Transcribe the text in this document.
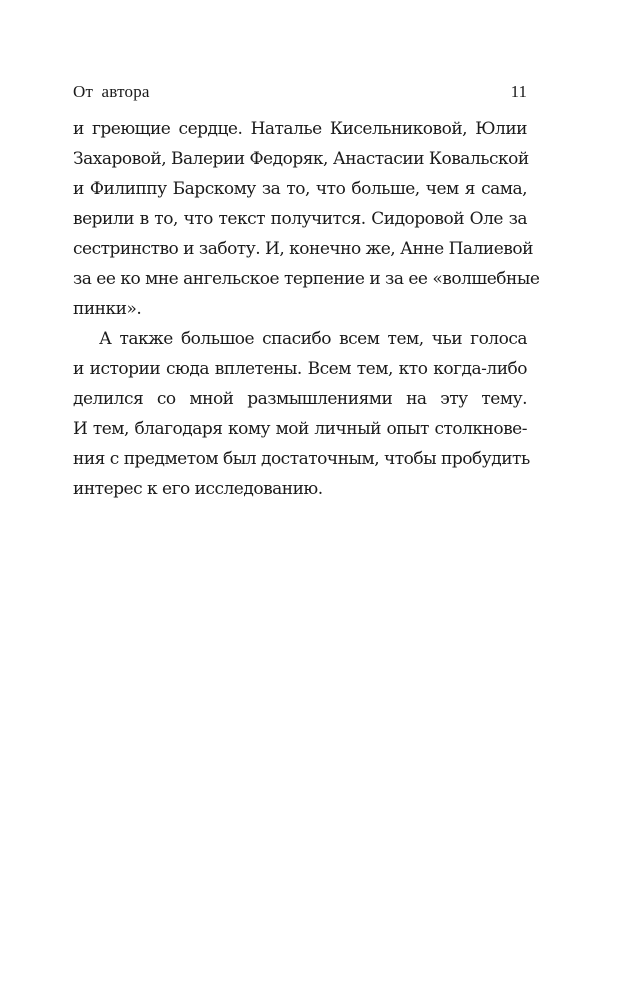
От автора	11

и греющие сердце. Наталье Кисельниковой, Юлии
Захаровой, Валерии Федоряк, Анастасии Ковальской
и Филиппу Барскому за то, что больше, чем я сама,
верили в то, что текст получится. Сидоровой Оле за
сестринство и заботу. И, конечно же, Анне Палиевой
за ее ко мне ангельское терпение и за ее «волшебные
пинки».

А также большое спасибо всем тем, чьи голоса
и истории сюда вплетены. Всем тем, кто когда-либо
делился со мной размышлениями на эту тему.
И тем, благодаря кому мой личный опыт столкнове-
ния с предметом был достаточным, чтобы пробудить
интерес к его исследованию.
